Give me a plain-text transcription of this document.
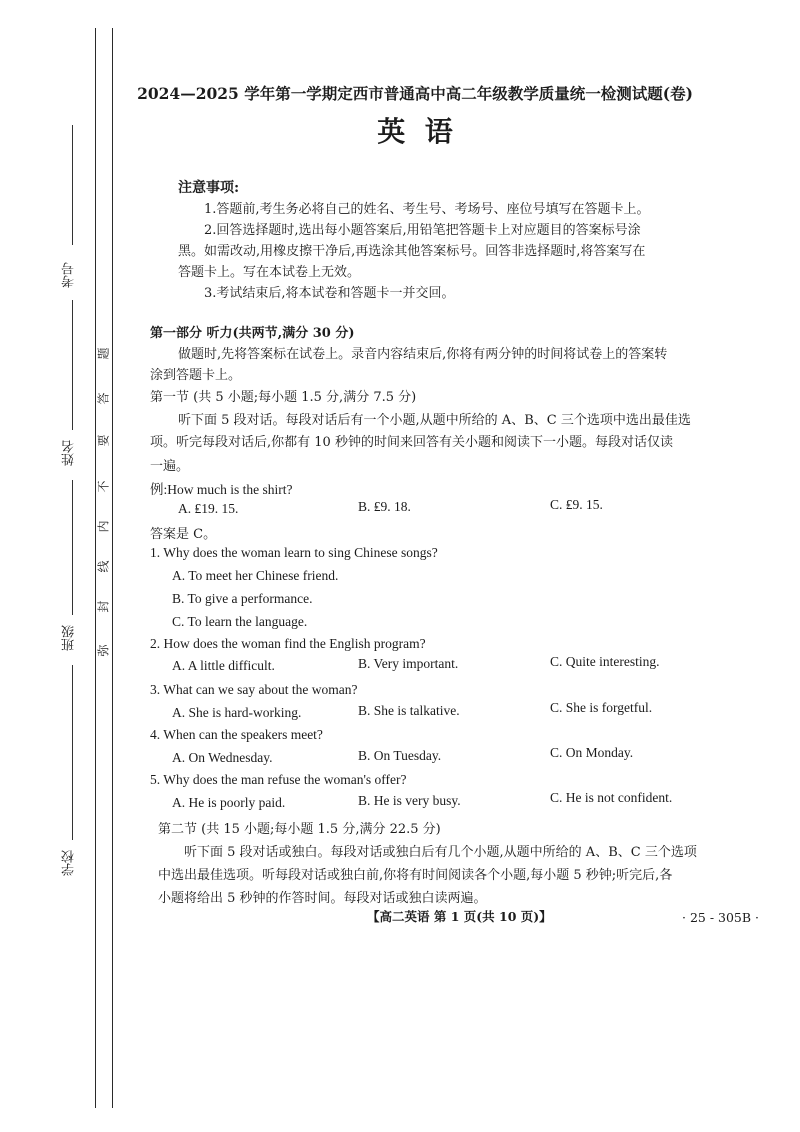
考号
姓名
班级
学校
弥
封
线
内
不
要
答
题
2024—2025 学年第一学期定西市普通高中高二年级教学质量统一检测试题(卷)
英  语
注意事项:
1.答题前,考生务必将自己的姓名、考生号、考场号、座位号填写在答题卡上。
2.回答选择题时,选出每小题答案后,用铅笔把答题卡上对应题目的答案标号涂
黑。如需改动,用橡皮擦干净后,再选涂其他答案标号。回答非选择题时,将答案写在
答题卡上。写在本试卷上无效。
3.考试结束后,将本试卷和答题卡一并交回。
第一部分 听力(共两节,满分 30 分)
做题时,先将答案标在试卷上。录音内容结束后,你将有两分钟的时间将试卷上的答案转
涂到答题卡上。
第一节 (共 5 小题;每小题 1.5 分,满分 7.5 分)
听下面 5 段对话。每段对话后有一个小题,从题中所给的 A、B、C 三个选项中选出最佳选
项。听完每段对话后,你都有 10 秒钟的时间来回答有关小题和阅读下一小题。每段对话仅读
一遍。
例:How much is the shirt?
A. ₤19. 15.	B. ₤9. 18.	C. ₤9. 15.
答案是 C。
1. Why does the woman learn to sing Chinese songs?
A. To meet her Chinese friend.
B. To give a performance.
C. To learn the language.
2. How does the woman find the English program?
A. A little difficult.	B. Very important.	C. Quite interesting.
3. What can we say about the woman?
A. She is hard-working.	B. She is talkative.	C. She is forgetful.
4. When can the speakers meet?
A. On Wednesday.	B. On Tuesday.	C. On Monday.
5. Why does the man refuse the woman's offer?
A. He is poorly paid.	B. He is very busy.	C. He is not confident.
第二节 (共 15 小题;每小题 1.5 分,满分 22.5 分)
听下面 5 段对话或独白。每段对话或独白后有几个小题,从题中所给的 A、B、C 三个选项
中选出最佳选项。听每段对话或独白前,你将有时间阅读各个小题,每小题 5 秒钟;听完后,各
小题将给出 5 秒钟的作答时间。每段对话或独白读两遍。
【高二英语 第 1 页(共 10 页)】	· 25 - 305B ·
